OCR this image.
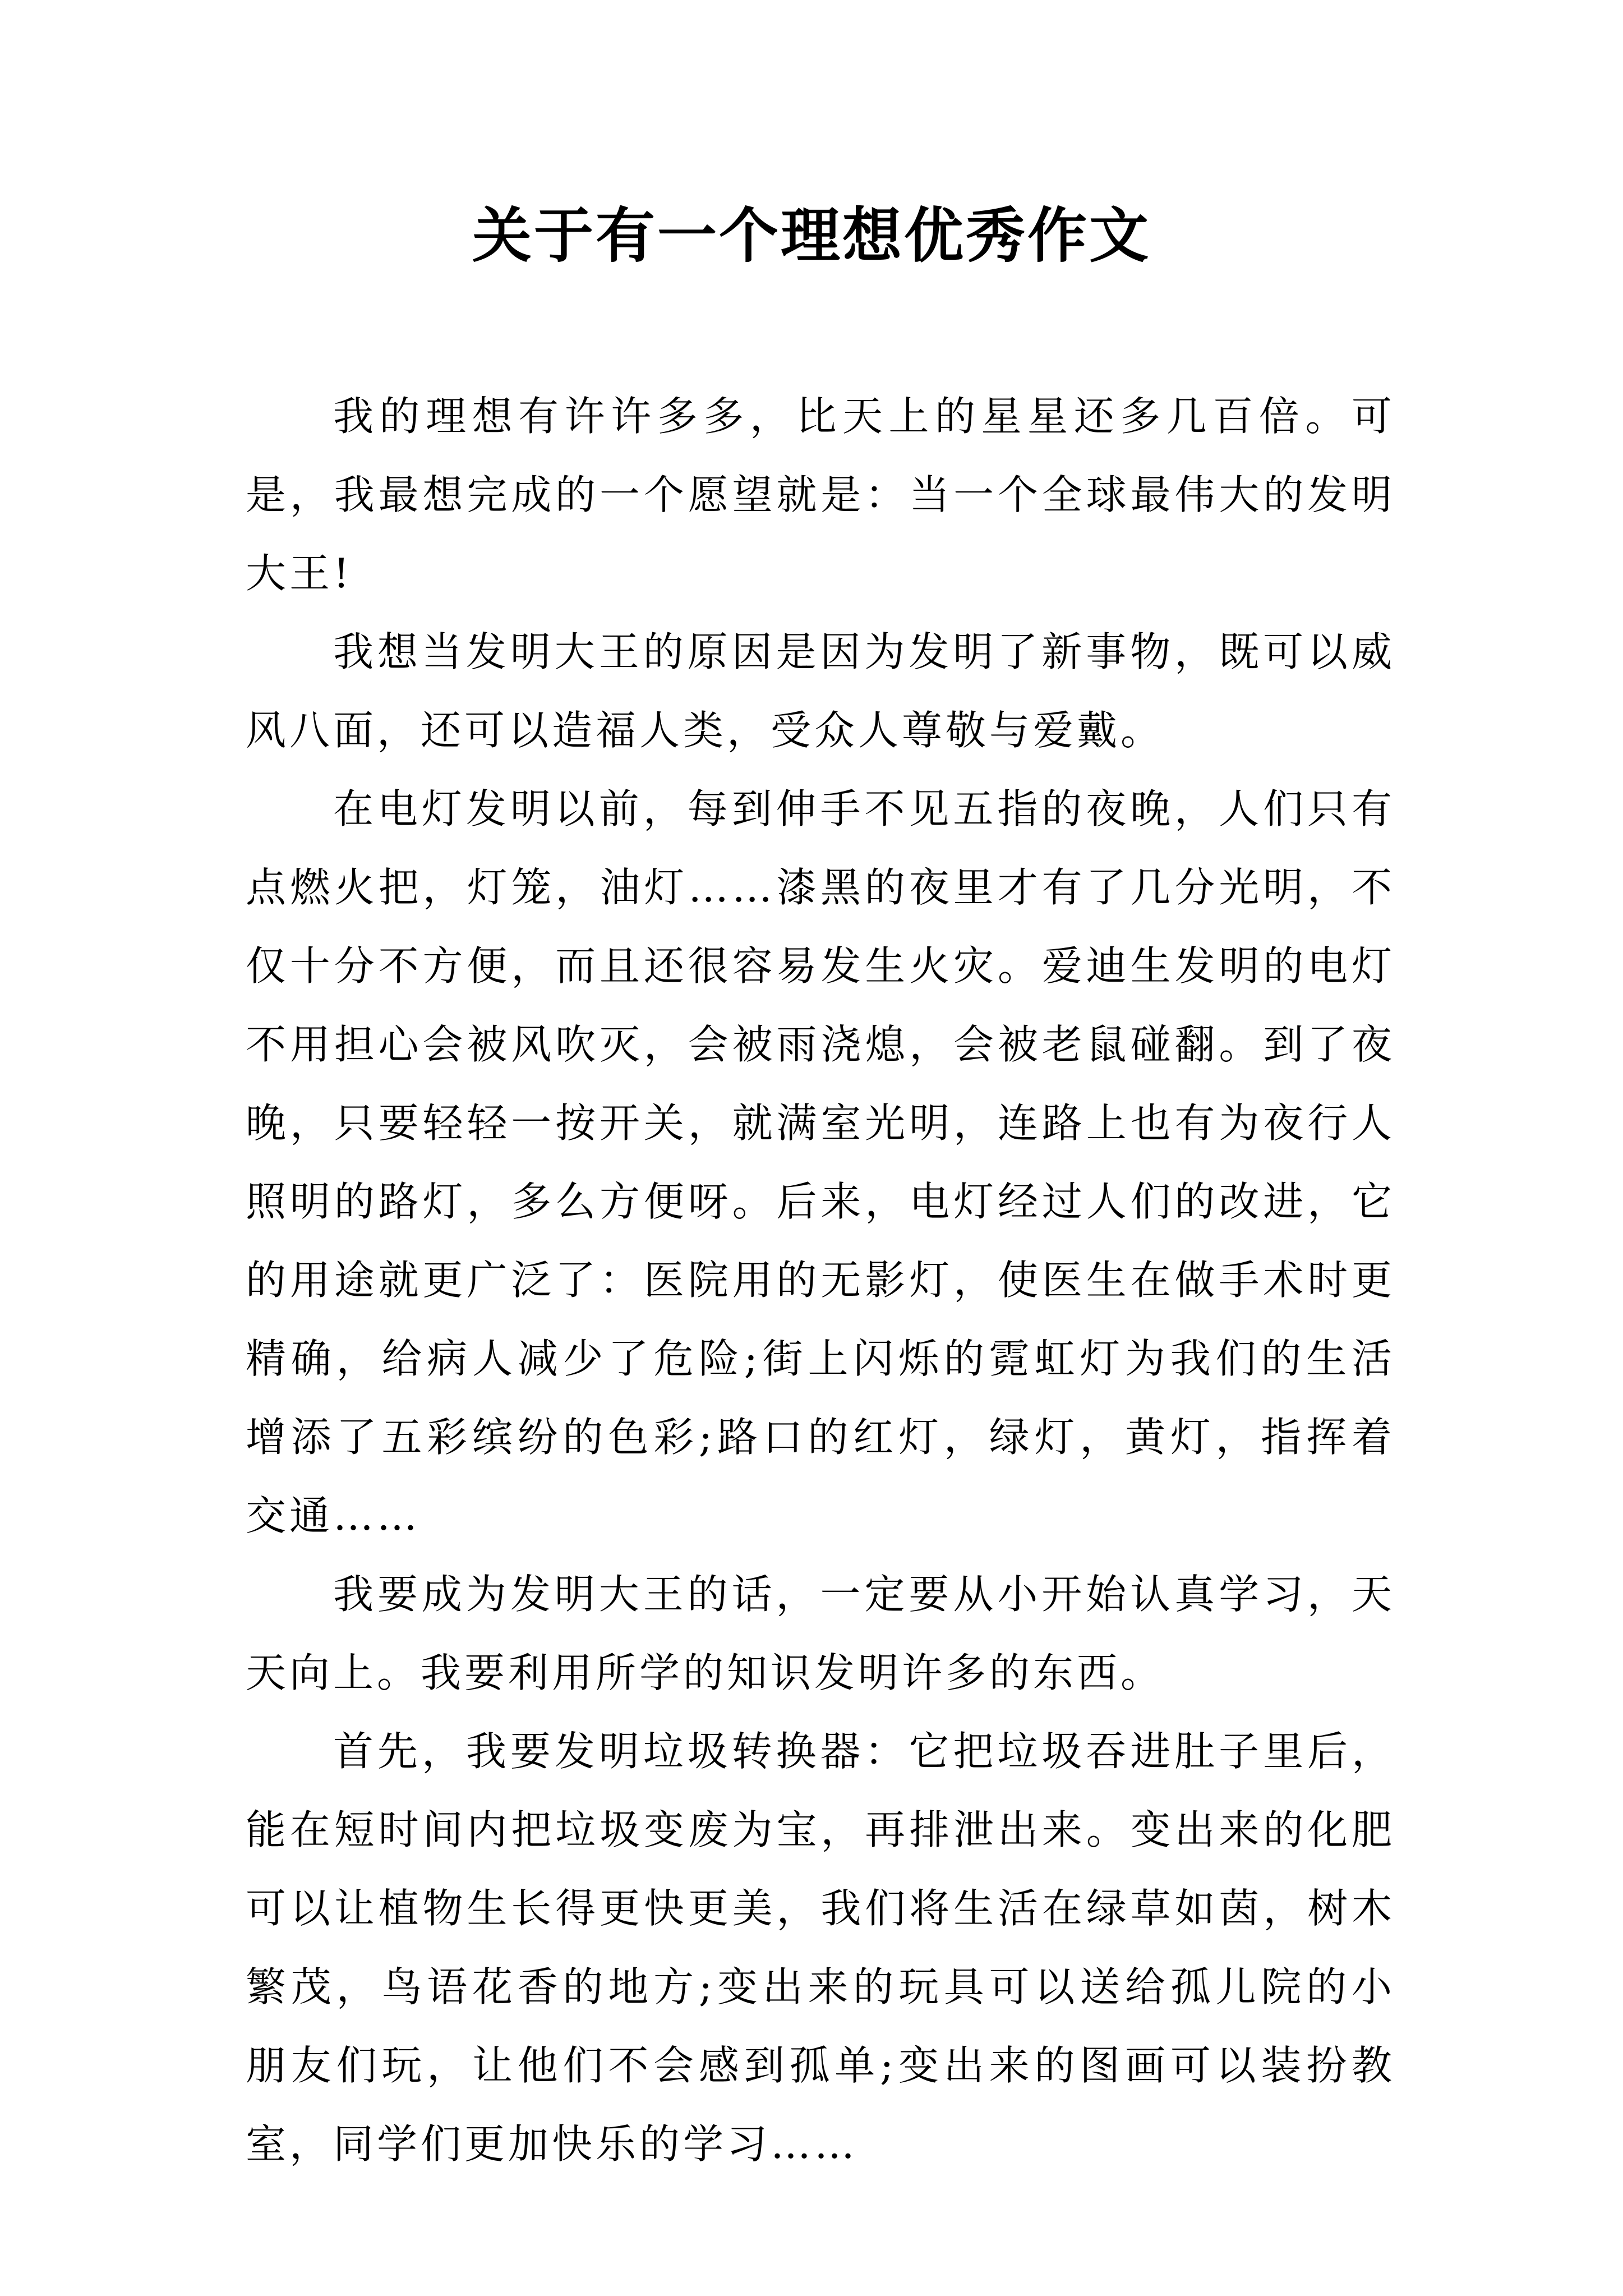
关于有一个理想优秀作文

我的理想有许许多多，比天上的星星还多几百倍。可是，我最想完成的一个愿望就是：当一个全球最伟大的发明大王!

我想当发明大王的原因是因为发明了新事物，既可以威风八面，还可以造福人类，受众人尊敬与爱戴。

在电灯发明以前，每到伸手不见五指的夜晚，人们只有点燃火把，灯笼，油灯……漆黑的夜里才有了几分光明，不仅十分不方便，而且还很容易发生火灾。爱迪生发明的电灯不用担心会被风吹灭，会被雨浇熄，会被老鼠碰翻。到了夜晚，只要轻轻一按开关，就满室光明，连路上也有为夜行人照明的路灯，多么方便呀。后来，电灯经过人们的改进，它的用途就更广泛了：医院用的无影灯，使医生在做手术时更精确，给病人减少了危险;街上闪烁的霓虹灯为我们的生活增添了五彩缤纷的色彩;路口的红灯，绿灯，黄灯，指挥着交通……

我要成为发明大王的话，一定要从小开始认真学习，天天向上。我要利用所学的知识发明许多的东西。

首先，我要发明垃圾转换器：它把垃圾吞进肚子里后，能在短时间内把垃圾变废为宝，再排泄出来。变出来的化肥可以让植物生长得更快更美，我们将生活在绿草如茵，树木繁茂，鸟语花香的地方;变出来的玩具可以送给孤儿院的小朋友们玩，让他们不会感到孤单;变出来的图画可以装扮教室，同学们更加快乐的学习……
